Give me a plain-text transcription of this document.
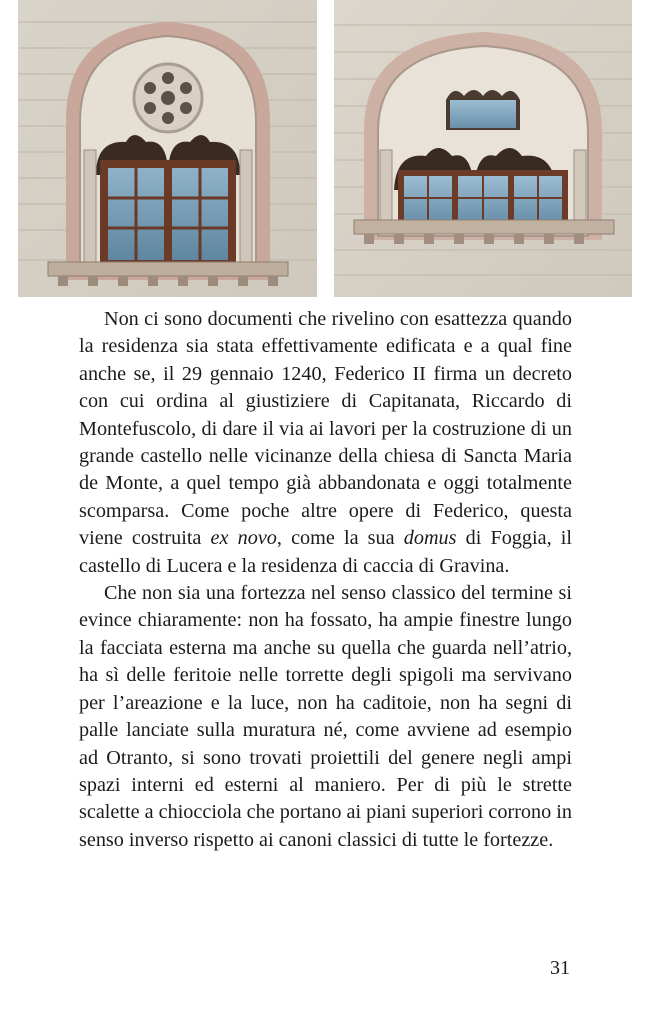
Non ci sono documenti che rivelino con esattezza quando la residenza sia stata effettivamente edificata e a qual fine anche se, il 29 gennaio 1240, Federico II firma un decreto con cui ordina al giustiziere di Capitanata, Riccardo di Montefuscolo, di dare il via ai lavori per la costruzione di un grande castello nelle vicinanze della chiesa di Sancta Maria de Monte, a quel tempo già abbandonata e oggi totalmente scomparsa. Come poche altre opere di Federico, questa viene costruita ex novo, come la sua domus di Foggia, il castello di Lucera e la residenza di caccia di Gravina.

Che non sia una fortezza nel senso classico del termine si evince chiaramente: non ha fossato, ha ampie finestre lungo la facciata esterna ma anche su quella che guarda nell’atrio, ha sì delle feritoie nelle torrette degli spigoli ma servivano per l’areazione e la luce, non ha caditoie, non ha segni di palle lanciate sulla muratura né, come avviene ad esempio ad Otranto, si sono trovati proiettili del genere negli ampi spazi interni ed esterni al maniero. Per di più le strette scalette a chiocciola che portano ai piani superiori corrono in senso inverso rispetto ai canoni classici di tutte le fortezze.

31
